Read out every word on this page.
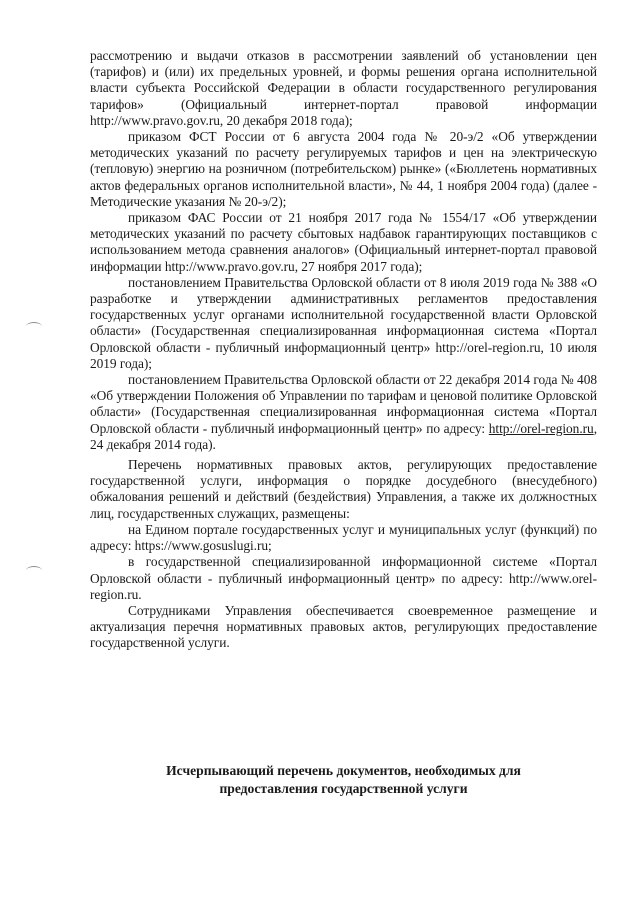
рассмотрению и выдачи отказов в рассмотрении заявлений об установлении цен (тарифов) и (или) их предельных уровней, и формы решения органа исполнительной власти субъекта Российской Федерации в области государственного регулирования тарифов» (Официальный интернет-портал правовой информации http://www.pravo.gov.ru, 20 декабря 2018 года);

приказом ФСТ России от 6 августа 2004 года № 20-э/2 «Об утверждении методических указаний по расчету регулируемых тарифов и цен на электрическую (тепловую) энергию на розничном (потребительском) рынке» («Бюллетень нормативных актов федеральных органов исполнительной власти», № 44, 1 ноября 2004 года) (далее - Методические указания № 20-э/2);

приказом ФАС России от 21 ноября 2017 года № 1554/17 «Об утверждении методических указаний по расчету сбытовых надбавок гарантирующих поставщиков с использованием метода сравнения аналогов» (Официальный интернет-портал правовой информации http://www.pravo.gov.ru, 27 ноября 2017 года);

постановлением Правительства Орловской области от 8 июля 2019 года № 388 «О разработке и утверждении административных регламентов предоставления государственных услуг органами исполнительной государственной власти Орловской области» (Государственная специализированная информационная система «Портал Орловской области - публичный информационный центр» http://orel-region.ru, 10 июля 2019 года);

постановлением Правительства Орловской области от 22 декабря 2014 года № 408 «Об утверждении Положения об Управлении по тарифам и ценовой политике Орловской области» (Государственная специализированная информационная система «Портал Орловской области - публичный информационный центр» по адресу: http://orel-region.ru, 24 декабря 2014 года).

Перечень нормативных правовых актов, регулирующих предоставление государственной услуги, информация о порядке досудебного (внесудебного) обжалования решений и действий (бездействия) Управления, а также их должностных лиц, государственных служащих, размещены:

на Едином портале государственных услуг и муниципальных услуг (функций) по адресу: https://www.gosuslugi.ru;

в государственной специализированной информационной системе «Портал Орловской области - публичный информационный центр» по адресу: http://www.orel-region.ru.

Сотрудниками Управления обеспечивается своевременное размещение и актуализация перечня нормативных правовых актов, регулирующих предоставление государственной услуги.

Исчерпывающий перечень документов, необходимых для
предоставления государственной услуги
